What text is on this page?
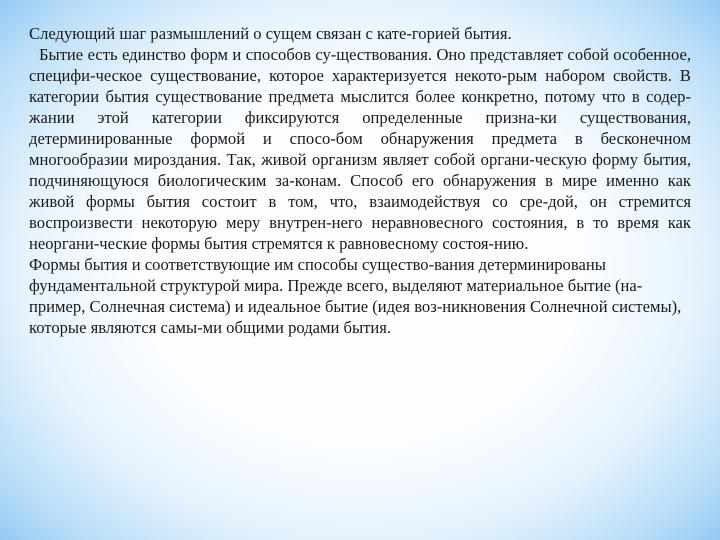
Следующий шаг размышлений о сущем связан с кате-горией бытия.

Бытие есть единство форм и способов су-ществования. Оно представляет собой особенное, специфи-ческое существование, которое характеризуется некото-рым набором свойств. В категории бытия существование предмета мыслится более конкретно, потому что в содер-жании этой категории фиксируются определенные призна-ки существования, детерминированные формой и спосо-бом обнаружения предмета в бесконечном многообразии мироздания. Так, живой организм являет собой органи-ческую форму бытия, подчиняющуюся биологическим за-конам. Способ его обнаружения в мире именно как живой формы бытия состоит в том, что, взаимодействуя со сре-дой, он стремится воспроизвести некоторую меру внутрен-него неравновесного состояния, в то время как неоргани-ческие формы бытия стремятся к равновесному состоя-нию.

Формы бытия и соответствующие им способы существо-вания детерминированы фундаментальной структурой мира. Прежде всего, выделяют материальное бытие (на-пример, Солнечная система) и идеальное бытие (идея воз-никновения Солнечной системы), которые являются самы-ми общими родами бытия.
